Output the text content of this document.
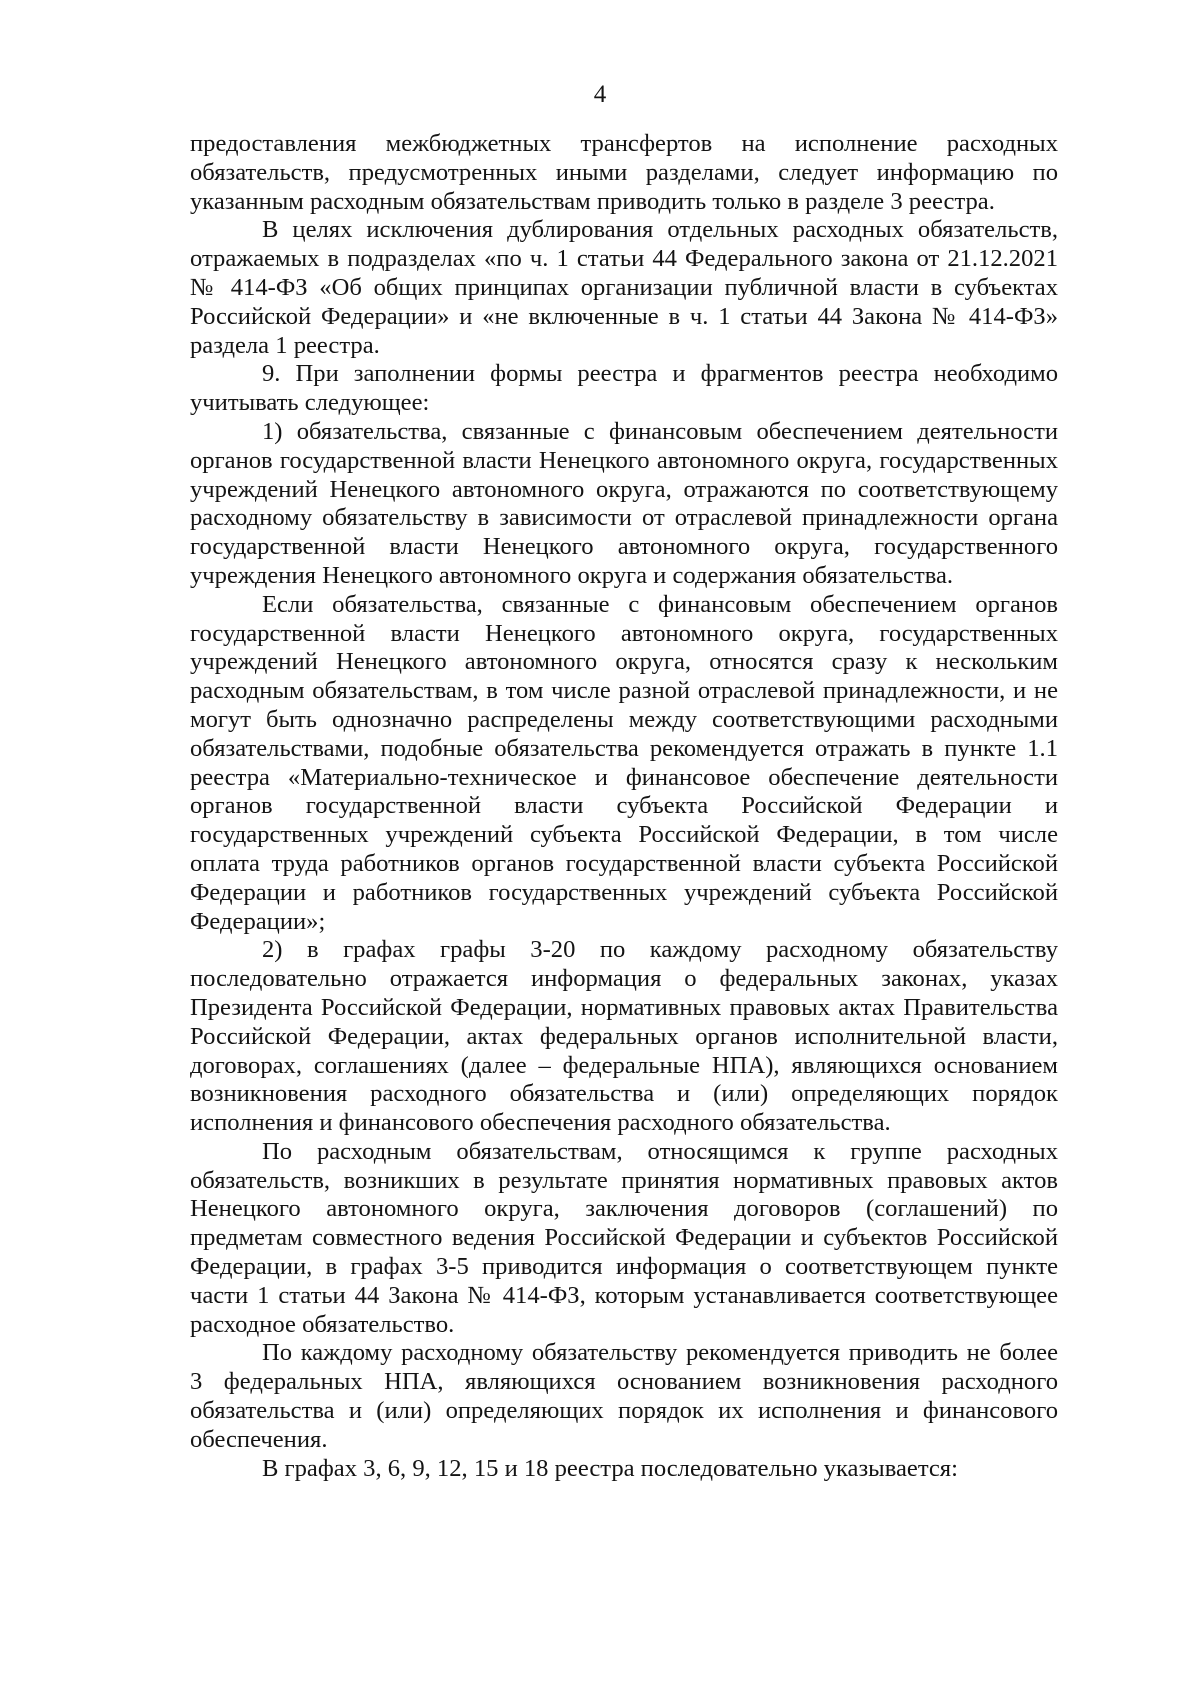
4

предоставления межбюджетных трансфертов на исполнение расходных обязательств, предусмотренных иными разделами, следует информацию по указанным расходным обязательствам приводить только в разделе 3 реестра.

В целях исключения дублирования отдельных расходных обязательств, отражаемых в подразделах «по ч. 1 статьи 44 Федерального закона от 21.12.2021 № 414-ФЗ «Об общих принципах организации публичной власти в субъектах Российской Федерации» и «не включенные в ч. 1 статьи 44 Закона № 414-ФЗ» раздела 1 реестра.

9. При заполнении формы реестра и фрагментов реестра необходимо учитывать следующее:

1) обязательства, связанные с финансовым обеспечением деятельности органов государственной власти Ненецкого автономного округа, государственных учреждений Ненецкого автономного округа, отражаются по соответствующему расходному обязательству в зависимости от отраслевой принадлежности органа государственной власти Ненецкого автономного округа, государственного учреждения Ненецкого автономного округа и содержания обязательства.

Если обязательства, связанные с финансовым обеспечением органов государственной власти Ненецкого автономного округа, государственных учреждений Ненецкого автономного округа, относятся сразу к нескольким расходным обязательствам, в том числе разной отраслевой принадлежности, и не могут быть однозначно распределены между соответствующими расходными обязательствами, подобные обязательства рекомендуется отражать в пункте 1.1 реестра «Материально-техническое и финансовое обеспечение деятельности органов государственной власти субъекта Российской Федерации и государственных учреждений субъекта Российской Федерации, в том числе оплата труда работников органов государственной власти субъекта Российской Федерации и работников государственных учреждений субъекта Российской Федерации»;

2) в графах графы 3-20 по каждому расходному обязательству последовательно отражается информация о федеральных законах, указах Президента Российской Федерации, нормативных правовых актах Правительства Российской Федерации, актах федеральных органов исполнительной власти, договорах, соглашениях (далее – федеральные НПА), являющихся основанием возникновения расходного обязательства и (или) определяющих порядок исполнения и финансового обеспечения расходного обязательства.

По расходным обязательствам, относящимся к группе расходных обязательств, возникших в результате принятия нормативных правовых актов Ненецкого автономного округа, заключения договоров (соглашений) по предметам совместного ведения Российской Федерации и субъектов Российской Федерации, в графах 3-5 приводится информация о соответствующем пункте части 1 статьи 44 Закона № 414-ФЗ, которым устанавливается соответствующее расходное обязательство.

По каждому расходному обязательству рекомендуется приводить не более 3 федеральных НПА, являющихся основанием возникновения расходного обязательства и (или) определяющих порядок их исполнения и финансового обеспечения.

В графах 3, 6, 9, 12, 15 и 18 реестра последовательно указывается:
